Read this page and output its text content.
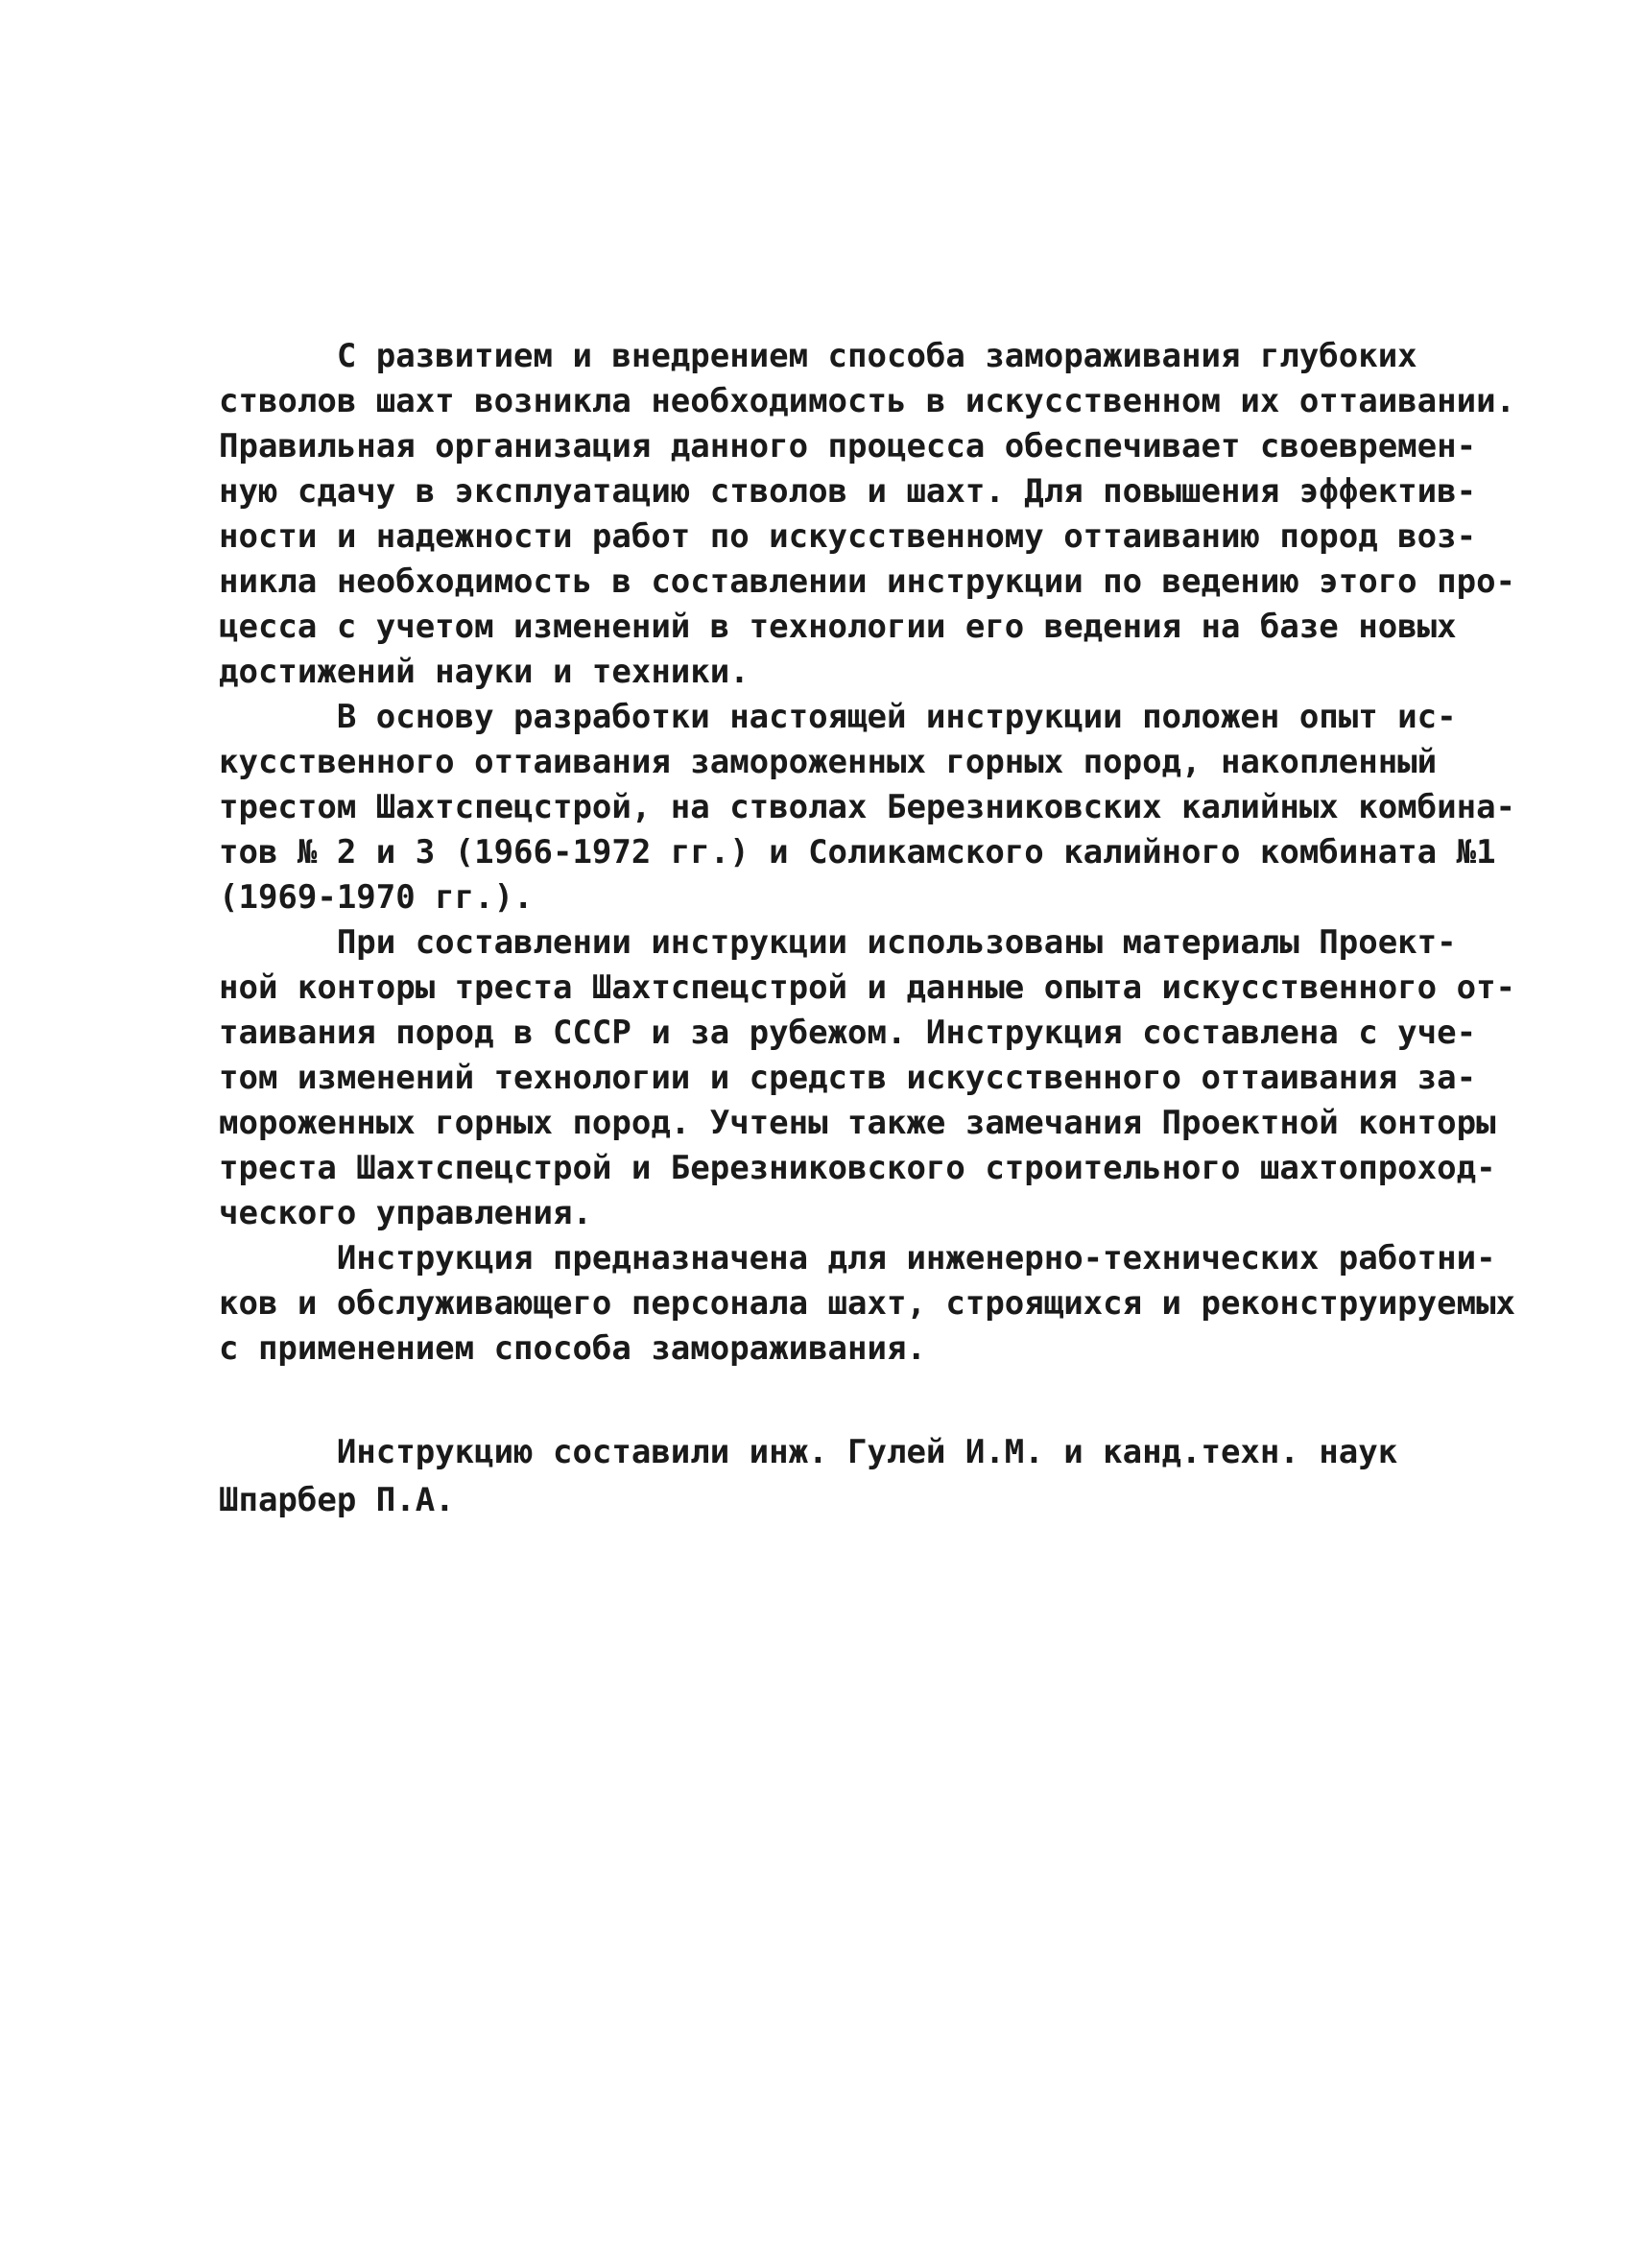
С развитием и внедрением способа замораживания глубоких
стволов шахт возникла необходимость в искусственном их оттаивании.
Правильная организация данного процесса обеспечивает своевремен-
ную сдачу в эксплуатацию стволов и шахт. Для повышения эффектив-
ности и надежности работ по искусственному оттаиванию пород воз-
никла необходимость в составлении инструкции по ведению этого про-
цесса с учетом изменений в технологии его ведения на базе новых
достижений науки и техники.
В основу разработки настоящей инструкции положен опыт ис-
кусственного оттаивания замороженных горных пород, накопленный
трестом Шахтспецстрой, на стволах Березниковских калийных комбина-
тов № 2 и 3 (1966-1972 гг.) и Соликамского калийного комбината №1
(1969-1970 гг.).
При составлении инструкции использованы материалы Проект-
ной конторы треста Шахтспецстрой и данные опыта искусственного от-
таивания пород в СССР и за рубежом. Инструкция составлена с уче-
том изменений технологии и средств искусственного оттаивания за-
мороженных горных пород. Учтены также замечания Проектной конторы
треста Шахтспецстрой и Березниковского строительного шахтопроход-
ческого управления.
Инструкция предназначена для инженерно-технических работни-
ков и обслуживающего персонала шахт, строящихся и реконструируемых
с применением способа замораживания.
Инструкцию составили инж. Гулей И.М. и канд.техн. наук
Шпарбер П.А.
